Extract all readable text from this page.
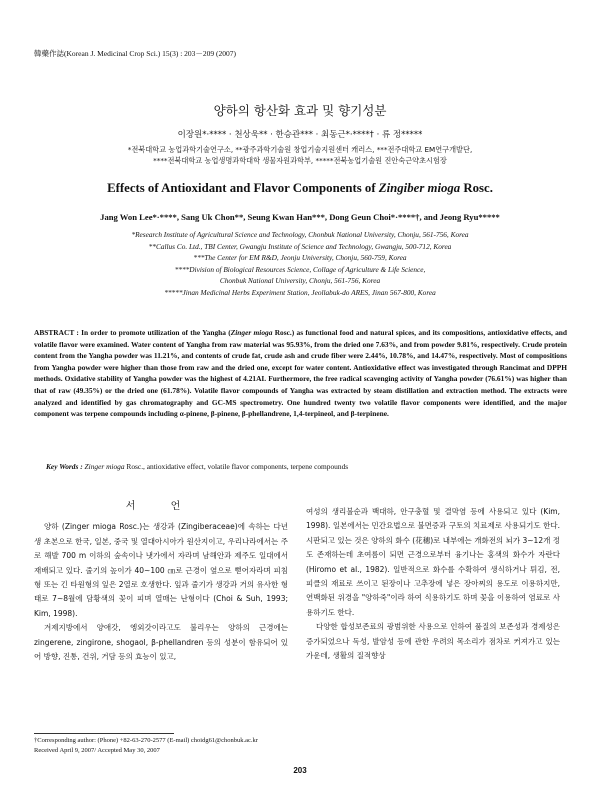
韓藥作誌(Korean J. Medicinal Crop Sci.) 15(3) : 203－209 (2007)
양하의 항산화 효과 및 향기성분
이장원*·**** · 천상욱** · 한승관*** · 최동근*·****† · 류 정*****
*전북대학교 농업과학기술연구소, **광주과학기술원 창업기술지원센터 캐러스, ***전주대학교 EM연구개발단,
****전북대학교 농업생명과학대학 생물자원과학부, *****전북농업기술원 진안숙근약초시험장
Effects of Antioxidant and Flavor Components of Zingiber mioga Rosc.
Jang Won Lee*·****, Sang Uk Chon**, Seung Kwan Han***, Dong Geun Choi*·****†, and Jeong Ryu*****
*Research Institute of Agricultural Science and Technology, Chonbuk National University, Chonju, 561-756, Korea
**Callus Co. Ltd., TBI Center, Gwangju Institute of Science and Technology, Gwangju, 500-712, Korea
***The Center for EM R&D, Jeonju University, Chonju, 560-759, Korea
****Division of Biological Resources Science, Collage of Agriculture & Life Science,
Chonbuk National University, Chonju, 561-756, Korea
*****Jinan Medicinal Herbs Experiment Station, Jeollabuk-do ARES, Jinan 567-800, Korea
ABSTRACT : In order to promote utilization of the Yangha (Zinger mioga Rosc.) as functional food and natural spices, and its compositions, antioxidative effects, and volatile flavor were examined. Water content of Yangha from raw material was 95.93%, from the dried one 7.63%, and from powder 9.81%, respectively. Crude protein content from the Yangha powder was 11.21%, and contents of crude fat, crude ash and crude fiber were 2.44%, 10.78%, and 14.47%, respectively. Most of compositions from Yangha powder were higher than those from raw and the dried one, except for water content. Antioxidative effect was investigated through Rancimat and DPPH methods. Oxidative stability of Yangha powder was the highest of 4.21AI. Furthermore, the free radical scavenging activity of Yangha powder (76.61%) was higher than that of raw (49.35%) or the dried one (61.78%). Volatile flavor compounds of Yangha was extracted by steam distillation and extraction method. The extracts were analyzed and identified by gas chromatography and GC-MS spectrometry. One hundred twenty two volatile flavor components were identified, and the major component was terpene compounds including α-pinene, β-pinene, β-phellandrene, 1,4-terpineol, and β-terpinene.
Key Words : Zinger mioga Rosc., antioxidative effect, volatile flavor components, terpene compounds
서 언

양하 (Zinger mioga Rosc.)는 생강과 (Zingiberaceae)에 속하는 다년생 초본으로 한국, 일본, 중국 및 열대아시아가 원산지이고, 우리나라에서는 주로 해발 700 m 이하의 숲속이나 냇가에서 자라며 남해안과 제주도 일대에서 재배되고 있다. 줄기의 높이가 40~100 ㎝로 근경이 옆으로 뻗어자라며 피침형 또는 긴 타원형의 잎은 2열로 호생한다. 잎과 줄기가 생강과 거의 유사한 형태로 7~8월에 담황색의 꽃이 피며 열매는 난형이다 (Choi & Suh, 1993; Kim, 1998).

겨제지방에서 양애갓, 엥외갓이라고도 불리우는 양하의 근경에는 zingerene, zingirone, shogaol, β-phellandren 등의 성분이 함유되어 있어 방향, 진통, 건위, 거담 등의 효능이 있고,

여성의 생리불순과 백대하, 안구충혈 및 결막염 등에 사용되고 있다 (Kim, 1998). 일본에서는 민간요법으로 불면증과 구토의 치료제로 사용되기도 한다. 시판되고 있는 것은 양하의 화수 (花穗)로 내부에는 개화전의 뇌가 3~12개 정도 존재하는데 초여름이 되면 근경으로부터 융기나는 홍색의 화수가 자란다 (Hiromo et al., 1982). 일반적으로 화수를 수확하여 생식하거나 튀김, 전, 피클의 재료로 쓰이고 된장이나 고추장에 넣은 장아찌의 용도로 이용하지만, 연백화된 위경을 "양하죽"이라 하여 식용하기도 하며 꽃을 이용하여 염료로 사용하기도 한다.

다양한 합성보존료의 광범위한 사용으로 인하여 품질의 보존성과 경제성은 증가되었으나 독성, 발암성 등에 관한 우려의 목소리가 점차로 커져가고 있는 가운데, 생활의 질적향상

†Corresponding author: (Phone) +82-63-270-2577 (E-mail) choidg61@chonbuk.ac.kr
Received April 9, 2007/ Accepted May 30, 2007
203
